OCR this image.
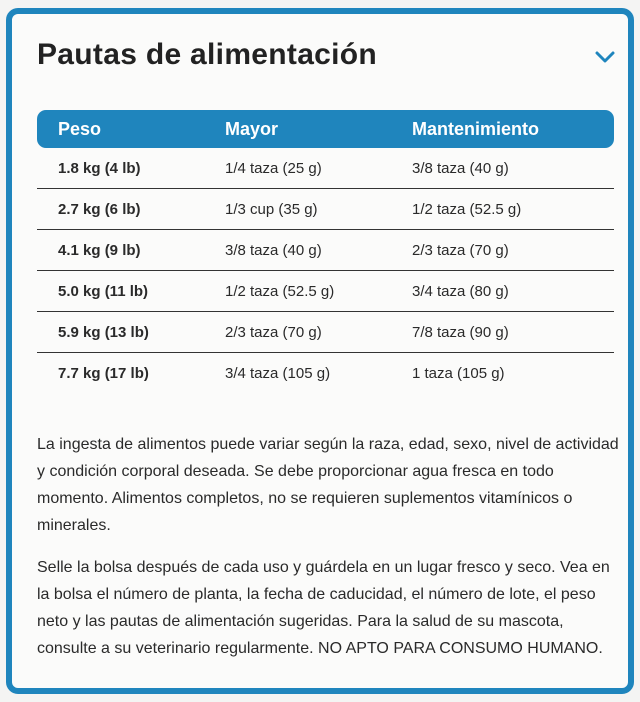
Pautas de alimentación
Peso	Mayor	Mantenimiento
1.8 kg (4 lb)	1/4 taza (25 g)	3/8 taza (40 g)
2.7 kg (6 lb)	1/3 cup (35 g)	1/2 taza (52.5 g)
4.1 kg (9 lb)	3/8 taza (40 g)	2/3 taza (70 g)
5.0 kg (11 lb)	1/2 taza (52.5 g)	3/4 taza (80 g)
5.9 kg (13 lb)	2/3 taza (70 g)	7/8 taza (90 g)
7.7 kg (17 lb)	3/4 taza (105 g)	1 taza (105 g)

La ingesta de alimentos puede variar según la raza, edad, sexo, nivel de actividad y condición corporal deseada. Se debe proporcionar agua fresca en todo momento. Alimentos completos, no se requieren suplementos vitamínicos o minerales.

Selle la bolsa después de cada uso y guárdela en un lugar fresco y seco. Vea en la bolsa el número de planta, la fecha de caducidad, el número de lote, el peso neto y las pautas de alimentación sugeridas. Para la salud de su mascota, consulte a su veterinario regularmente. NO APTO PARA CONSUMO HUMANO.
